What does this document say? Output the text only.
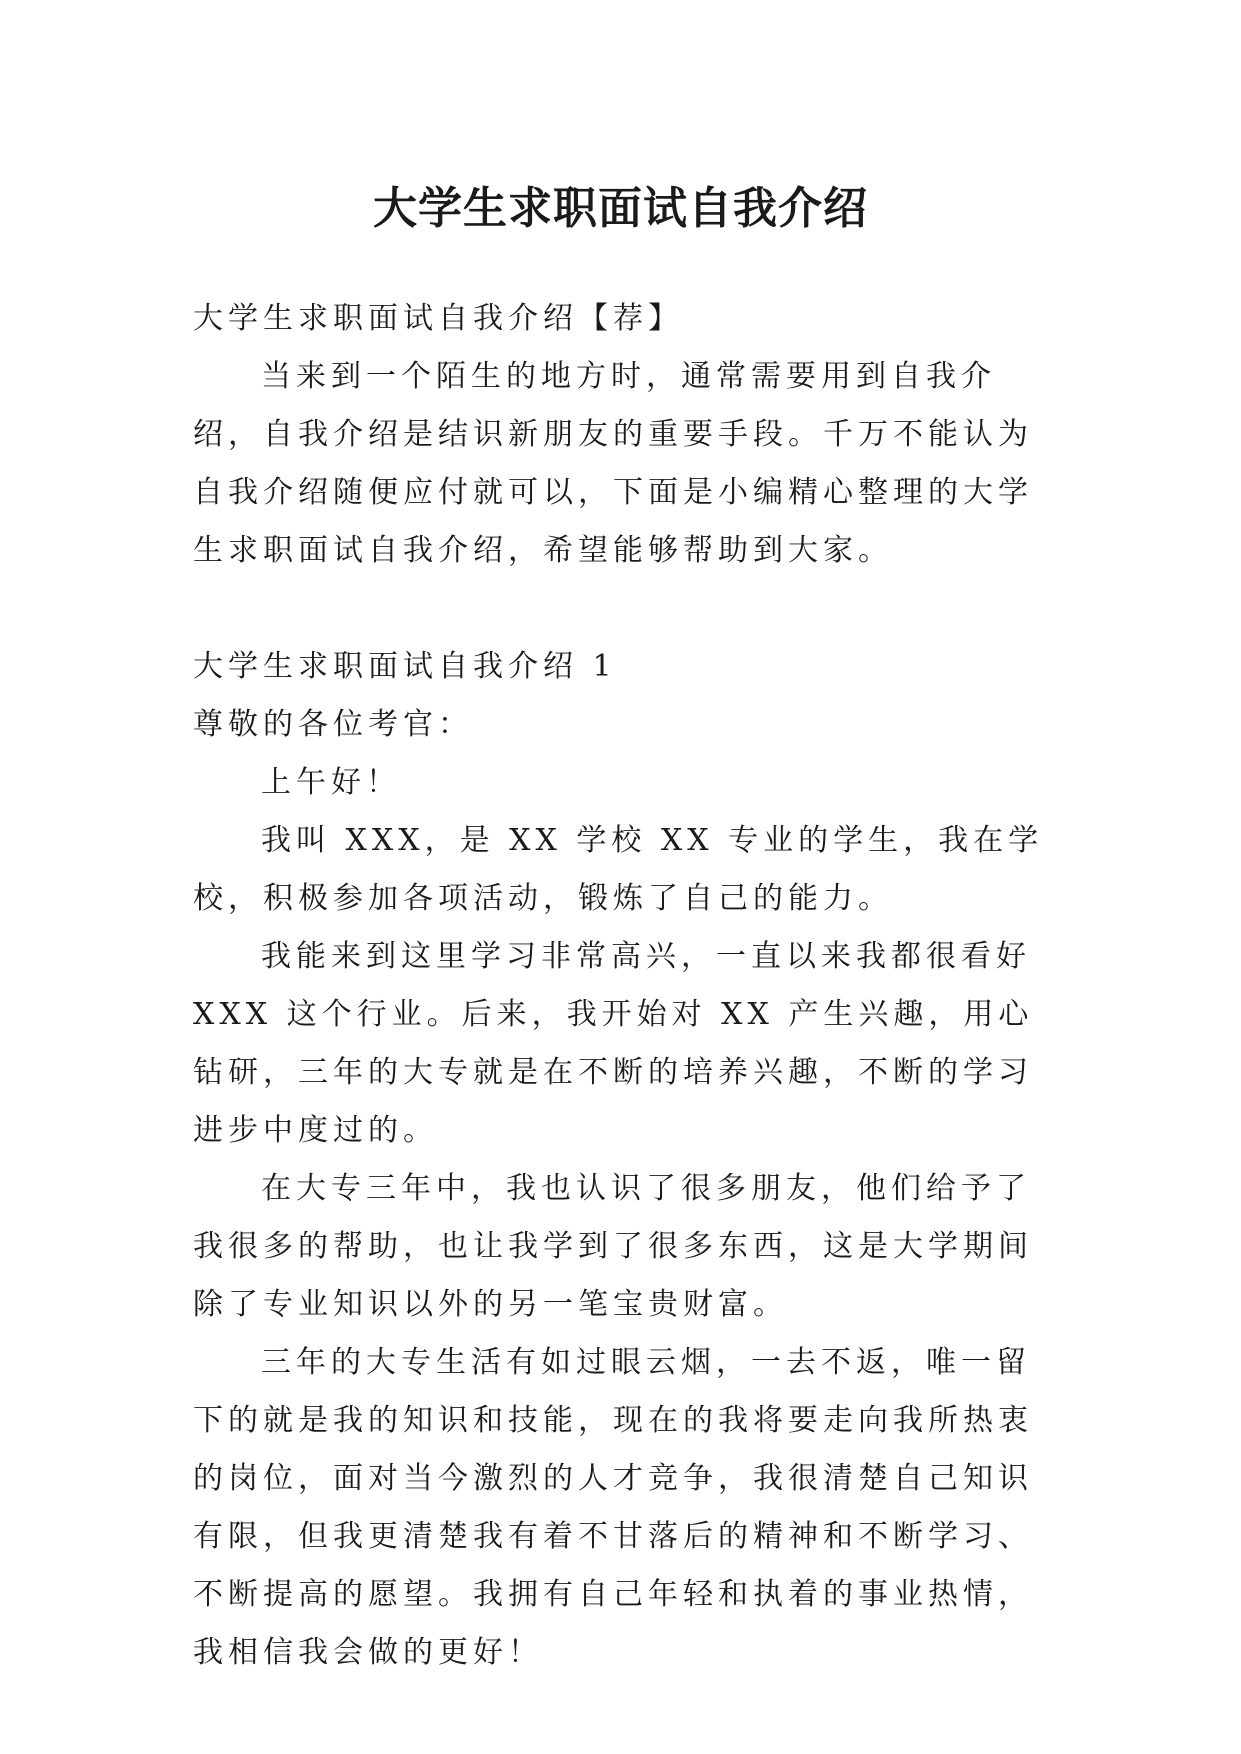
大学生求职面试自我介绍

大学生求职面试自我介绍【荐】

当来到一个陌生的地方时，通常需要用到自我介绍，自我介绍是结识新朋友的重要手段。千万不能认为自我介绍随便应付就可以，下面是小编精心整理的大学生求职面试自我介绍，希望能够帮助到大家。

大学生求职面试自我介绍 1

尊敬的各位考官：

上午好！

我叫 XXX，是 XX 学校 XX 专业的学生，我在学校，积极参加各项活动，锻炼了自己的能力。

我能来到这里学习非常高兴，一直以来我都很看好 XXX 这个行业。后来，我开始对 XX 产生兴趣，用心钻研，三年的大专就是在不断的培养兴趣，不断的学习进步中度过的。

在大专三年中，我也认识了很多朋友，他们给予了我很多的帮助，也让我学到了很多东西，这是大学期间除了专业知识以外的另一笔宝贵财富。

三年的大专生活有如过眼云烟，一去不返，唯一留下的就是我的知识和技能，现在的我将要走向我所热衷的岗位，面对当今激烈的人才竞争，我很清楚自己知识有限，但我更清楚我有着不甘落后的精神和不断学习、不断提高的愿望。我拥有自己年轻和执着的事业热情，我相信我会做的更好！
